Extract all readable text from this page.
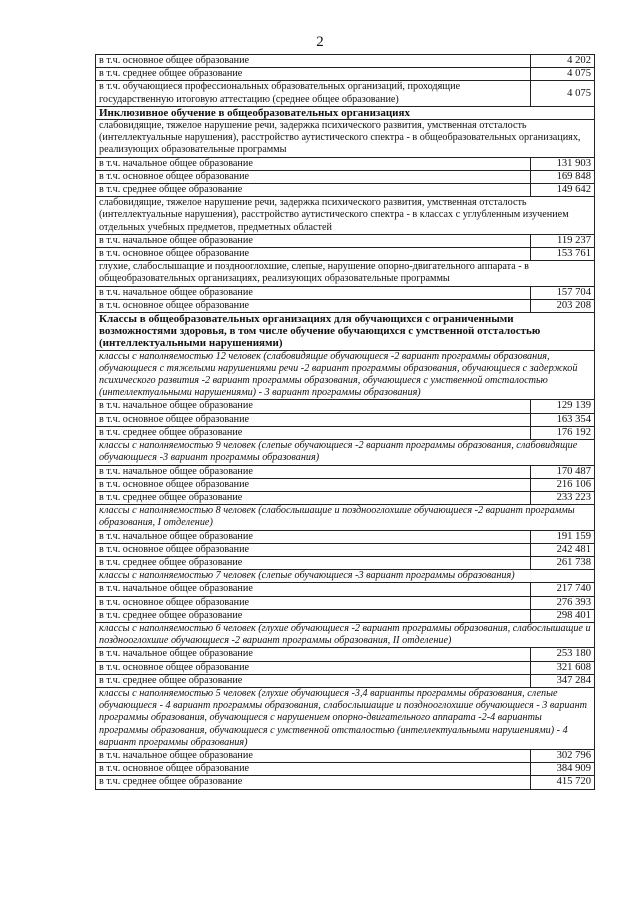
2
в т.ч. основное общее образование	4 202
в т.ч. среднее общее образование	4 075
в т.ч. обучающиеся профессиональных образовательных организаций, проходящие государственную итоговую аттестацию (среднее общее образование)	4 075
Инклюзивное обучение в общеобразовательных организациях	
слабовидящие, тяжелое нарушение речи, задержка психического развития, умственная отсталость (интеллектуальные нарушения), расстройство аутистического спектра - в общеобразовательных организациях, реализующих образовательные программы	
в т.ч. начальное общее образование	131 903
в т.ч. основное общее образование	169 848
в т.ч. среднее общее образование	149 642
слабовидящие, тяжелое нарушение речи, задержка психического развития, умственная отсталость (интеллектуальные нарушения), расстройство аутистического спектра - в классах с углубленным изучением отдельных учебных предметов, предметных областей	
в т.ч. начальное общее образование	119 237
в т.ч. основное общее образование	153 761
глухие, слабослышащие и позднооглохшие, слепые, нарушение опорно-двигательного аппарата - в общеобразовательных организациях, реализующих образовательные программы	
в т.ч. начальное общее образование	157 704
в т.ч. основное общее образование	203 208
Классы в общеобразовательных организациях для обучающихся с ограниченными возможностями здоровья, в том числе обучение обучающихся с умственной отсталостью (интеллектуальными нарушениями)	
классы с наполняемостью 12 человек (слабовидящие обучающиеся -2 вариант программы образования, обучающиеся с тяжелыми нарушениями речи -2 вариант программы образования, обучающиеся с задержкой психического развития -2 вариант программы образования, обучающиеся с умственной отсталостью (интеллектуальными нарушениями) - 3 вариант программы образования)	
в т.ч. начальное общее образование	129 139
в т.ч. основное общее образование	163 354
в т.ч. среднее общее образование	176 192
классы с наполняемостью 9 человек (слепые обучающиеся -2 вариант программы образования, слабовидящие обучающиеся -3 вариант программы образования)	
в т.ч. начальное общее образование	170 487
в т.ч. основное общее образование	216 106
в т.ч. среднее общее образование	233 223
классы с наполняемостью 8 человек (слабослышащие и позднооглохшие обучающиеся -2 вариант программы образования, I отделение)	
в т.ч. начальное общее образование	191 159
в т.ч. основное общее образование	242 481
в т.ч. среднее общее образование	261 738
классы с наполняемостью 7 человек (слепые обучающиеся -3 вариант программы образования)	
в т.ч. начальное общее образование	217 740
в т.ч. основное общее образование	276 393
в т.ч. среднее общее образование	298 401
классы с наполняемостью 6 человек (глухие обучающиеся -2 вариант программы образования, слабослышащие и позднооглохшие обучающиеся -2 вариант программы образования, II отделение)	
в т.ч. начальное общее образование	253 180
в т.ч. основное общее образование	321 608
в т.ч. среднее общее образование	347 284
классы с наполняемостью 5 человек (глухие обучающиеся -3,4 варианты программы образования, слепые обучающиеся - 4 вариант программы образования, слабослышащие и позднооглохшие обучающиеся - 3 вариант программы образования, обучающиеся с нарушением опорно-двигательного аппарата -2-4 варианты программы образования, обучающиеся с умственной отсталостью (интеллектуальными нарушениями) - 4 вариант программы образования)	
в т.ч. начальное общее образование	302 796
в т.ч. основное общее образование	384 909
в т.ч. среднее общее образование	415 720
